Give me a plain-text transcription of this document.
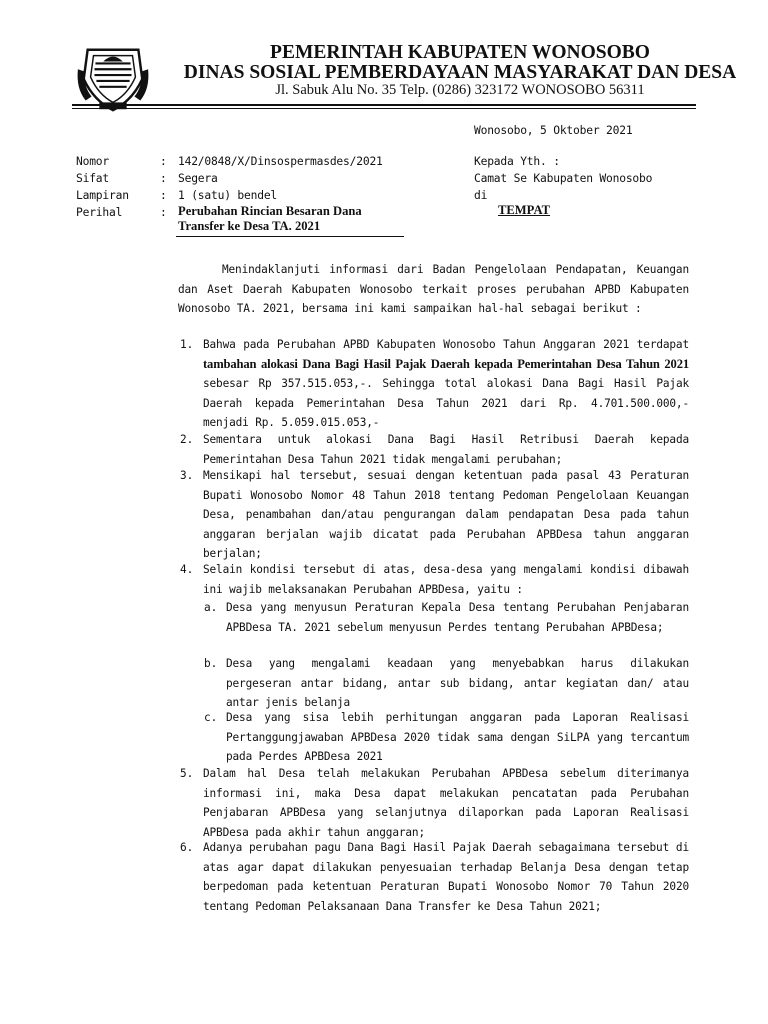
PEMERINTAH KABUPATEN WONOSOBO
DINAS SOSIAL PEMBERDAYAAN MASYARAKAT DAN DESA
Jl. Sabuk Alu No. 35 Telp. (0286) 323172 WONOSOBO 56311
Wonosobo, 5 Oktober 2021
Nomor	: 142/0848/X/Dinsospermasdes/2021
Sifat	: Segera
Lampiran	: 1 (satu) bendel
Perihal	: Perubahan Rincian Besaran Dana
Transfer ke Desa TA. 2021
Kepada Yth. :
Camat Se Kabupaten Wonosobo
di
TEMPAT
Menindaklanjuti informasi dari Badan Pengelolaan Pendapatan, Keuangan dan Aset Daerah Kabupaten Wonosobo terkait proses perubahan APBD Kabupaten Wonosobo TA. 2021, bersama ini kami sampaikan hal-hal sebagai berikut :
1. Bahwa pada Perubahan APBD Kabupaten Wonosobo Tahun Anggaran 2021 terdapat tambahan alokasi Dana Bagi Hasil Pajak Daerah kepada Pemerintahan Desa Tahun 2021 sebesar Rp 357.515.053,-. Sehingga total alokasi Dana Bagi Hasil Pajak Daerah kepada Pemerintahan Desa Tahun 2021 dari Rp. 4.701.500.000,- menjadi Rp. 5.059.015.053,-
2. Sementara untuk alokasi Dana Bagi Hasil Retribusi Daerah kepada Pemerintahan Desa Tahun 2021 tidak mengalami perubahan;
3. Mensikapi hal tersebut, sesuai dengan ketentuan pada pasal 43 Peraturan Bupati Wonosobo Nomor 48 Tahun 2018 tentang Pedoman Pengelolaan Keuangan Desa, penambahan dan/atau pengurangan dalam pendapatan Desa pada tahun anggaran berjalan wajib dicatat pada Perubahan APBDesa tahun anggaran berjalan;
4. Selain kondisi tersebut di atas, desa-desa yang mengalami kondisi dibawah ini wajib melaksanakan Perubahan APBDesa, yaitu :
a. Desa yang menyusun Peraturan Kepala Desa tentang Perubahan Penjabaran APBDesa TA. 2021 sebelum menyusun Perdes tentang Perubahan APBDesa;
b. Desa yang mengalami keadaan yang menyebabkan harus dilakukan pergeseran antar bidang, antar sub bidang, antar kegiatan dan/ atau antar jenis belanja
c. Desa yang sisa lebih perhitungan anggaran pada Laporan Realisasi Pertanggungjawaban APBDesa 2020 tidak sama dengan SiLPA yang tercantum pada Perdes APBDesa 2021
5. Dalam hal Desa telah melakukan Perubahan APBDesa sebelum diterimanya informasi ini, maka Desa dapat melakukan pencatatan pada Perubahan Penjabaran APBDesa yang selanjutnya dilaporkan pada Laporan Realisasi APBDesa pada akhir tahun anggaran;
6. Adanya perubahan pagu Dana Bagi Hasil Pajak Daerah sebagaimana tersebut di atas agar dapat dilakukan penyesuaian terhadap Belanja Desa dengan tetap berpedoman pada ketentuan Peraturan Bupati Wonosobo Nomor 70 Tahun 2020 tentang Pedoman Pelaksanaan Dana Transfer ke Desa Tahun 2021;
